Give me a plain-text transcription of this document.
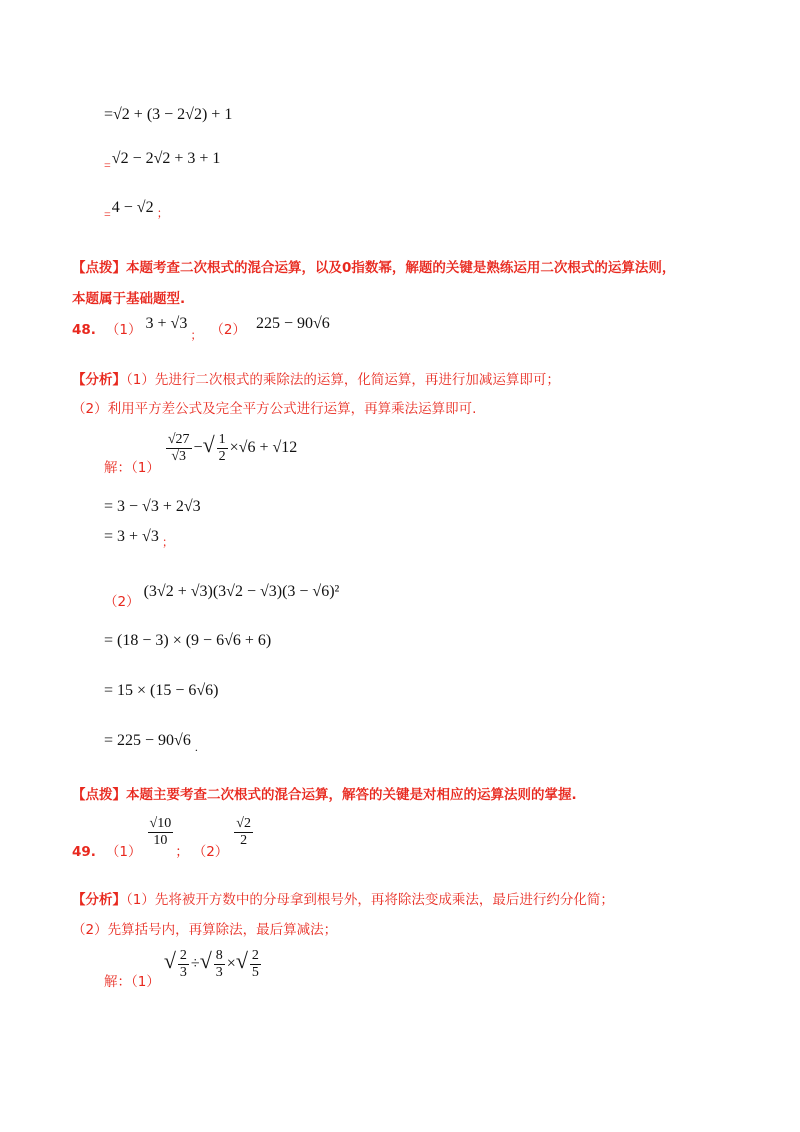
=√2 + (3 − 2√2) + 1
$_=$√2 − 2√2 + 3 + 1
$_=$4 − √2 $_;$
【点拨】本题考查二次根式的混合运算，以及0指数幂，解题的关键是熟练运用二次根式的运算法则，
本题属于基础题型.
48. （1） $3 + √3_;$ （2） 225 − 90√6
【分析】（1）先进行二次根式的乘除法的运算，化简运算，再进行加减运算即可；
（2）利用平方差公式及完全平方公式进行运算，再算乘法运算即可.
$_{解:(1)}$
$\frac{√27}{√3}$ −√ $\frac{1}{2} \times√6 + √12$
= 3 − √3 + 2√3
= 3 + √3 $_;$
$_{(2)}$ (3√2 + √3)(3√2 − √3)(3 − √6)²
= (18 − 3) × (9 − 6√6 + 6)
= 15 × (15 − 6√6)
= 225 − 90√6 $_.$
【点拨】本题主要考查二次根式的混合运算，解答的关键是对相应的运算法则的掌握.
$_{49.}$ $_{(1)}$
$\frac{√10}{10}$
$_;$ $_{(2)}$
$\frac{√2}{2}$
【分析】（1）先将被开方数中的分母拿到根号外，再将除法变成乘法，最后进行约分化简；
（2）先算括号内，再算除法，最后算减法；
$_{解:(1)}$ √ $\frac{2}{3}$ ÷√ $\frac{8}{3}$ ×√ $\frac{2}{5}$
